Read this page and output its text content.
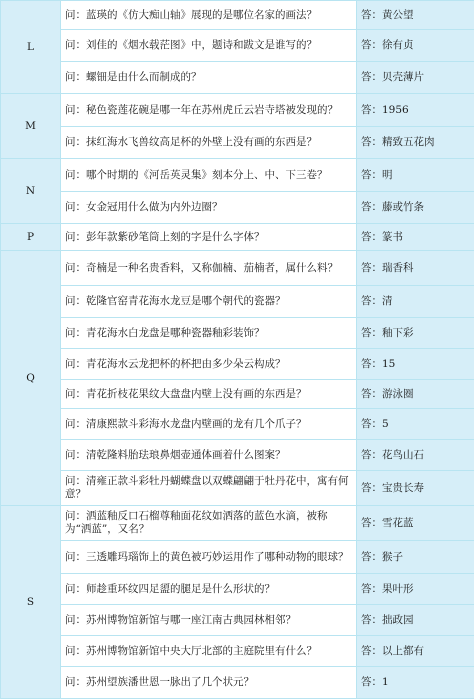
L	问：蓝瑛的《仿大痴山轴》展现的是哪位名家的画法？	答：黄公望
	问：刘佳的《烟水载茫图》中，题诗和跋文是谁写的？	答：徐有贞
	问：螺钿是由什么而制成的？	答：贝壳薄片
M	问：秘色瓷莲花碗是哪一年在苏州虎丘云岩寺塔被发现的？	答：1956
	问：抹红海水飞兽纹高足杯的外壁上没有画的东西是？	答：精致五花肉
N	问：哪个时期的《河岳英灵集》刻本分上、中、下三卷？	答：明
	问：女金冠用什么做为内外边圈？	答：藤或竹条
P	问：彭年款紫砂笔筒上刻的字是什么字体？	答：篆书
Q	问：奇楠是一种名贵香料，又称伽楠、茄楠者，属什么料？	答：瑞香科
	问：乾隆官窑青花海水龙豆是哪个朝代的瓷器？	答：清
	问：青花海水白龙盘是哪种瓷器釉彩装饰？	答：釉下彩
	问：青花海水云龙把杯的杯把由多少朵云构成？	答：15
	问：青花折枝花果纹大盘盘内壁上没有画的东西是？	答：游泳圈
	问：清康熙款斗彩海水龙盘内壁画的龙有几个爪子？	答：5
	问：清乾隆料胎珐琅鼻烟壶通体画着什么图案？	答：花鸟山石
	问：清雍正款斗彩牡丹蝴蝶盘以双蝶翩翩于牡丹花中，寓有何意？	答：宝贵长寿
S	问：洒蓝釉反口石榴尊釉面花纹如洒落的蓝色水滴，被称为“洒蓝”，又名？	答：雪花蓝
	问：三透雕玛瑙饰上的黄色被巧妙运用作了哪种动物的眼球？	答：猴子
	问：师趁重环纹四足盨的腿足是什么形状的？	答：果叶形
	问：苏州博物馆新馆与哪一座江南古典园林相邻？	答：拙政园
	问：苏州博物馆新馆中央大厅北部的主庭院里有什么？	答：以上都有
	问：苏州望族潘世恩一脉出了几个状元？	答：1
